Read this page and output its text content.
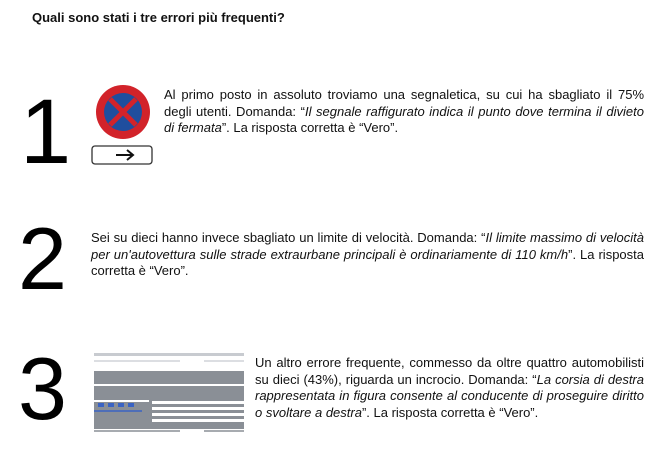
Quali sono stati i tre errori più frequenti?
1	Al primo posto in assoluto troviamo una segnaletica, su cui ha sbagliato il 75% degli utenti. Domanda: “Il segnale raffigurato indica il punto dove termina il divieto di fermata”. La risposta corretta è “Vero”.
2 Sei su dieci hanno invece sbagliato un limite di velocità. Domanda: “Il limite massimo di velocità per un'autovettura sulle strade extraurbane principali è ordinariamente di 110 km/h”. La risposta corretta è “Vero”.
3	Un altro errore frequente, commesso da oltre quattro automobilisti su dieci (43%), riguarda un incrocio. Domanda: “La corsia di destra rappresentata in figura consente al conducente di proseguire diritto o svoltare a destra”. La risposta corretta è “Vero”.
